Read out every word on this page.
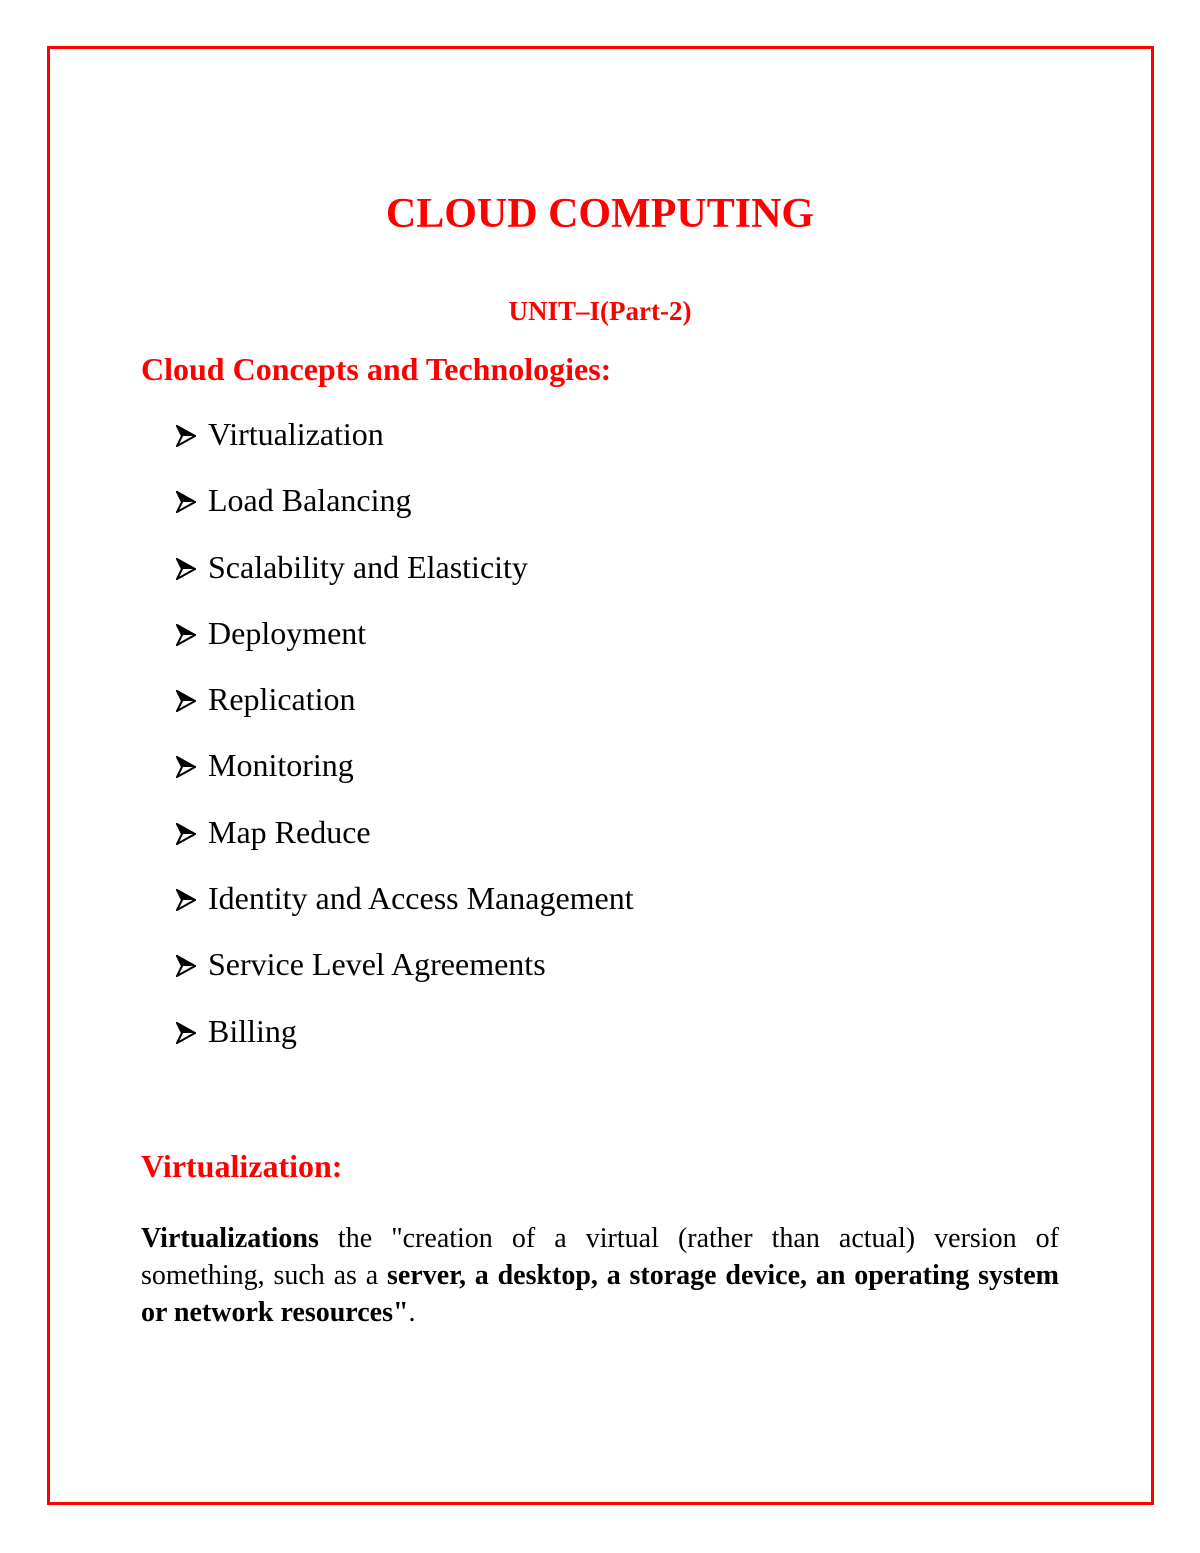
CLOUD COMPUTING
UNIT–I(Part-2)
Cloud Concepts and Technologies:
Virtualization
Load Balancing
Scalability and Elasticity
Deployment
Replication
Monitoring
Map Reduce
Identity and Access Management
Service Level Agreements
Billing
Virtualization:

Virtualizations the "creation of a virtual (rather than actual) version of something, such as a server, a desktop, a storage device, an operating system or network resources".
